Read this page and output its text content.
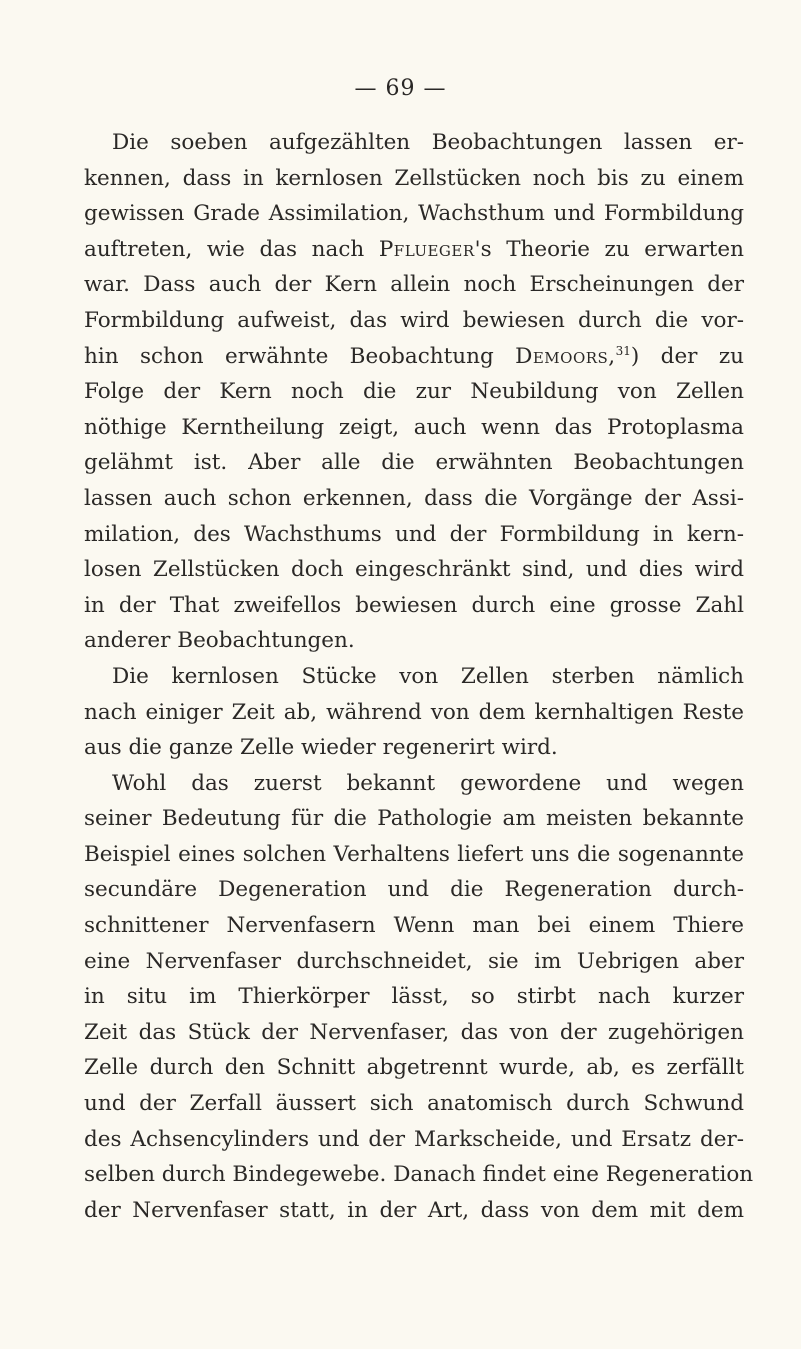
— 69 —
Die soeben aufgezählten Beobachtungen lassen er-
kennen, dass in kernlosen Zellstücken noch bis zu einem
gewissen Grade Assimilation, Wachsthum und Formbildung
auftreten, wie das nach Pflueger's Theorie zu erwarten
war. Dass auch der Kern allein noch Erscheinungen der
Formbildung aufweist, das wird bewiesen durch die vor-
hin schon erwähnte Beobachtung Demoors,$^{31}$) der zu
Folge der Kern noch die zur Neubildung von Zellen
nöthige Kerntheilung zeigt, auch wenn das Protoplasma
gelähmt ist. Aber alle die erwähnten Beobachtungen
lassen auch schon erkennen, dass die Vorgänge der Assi-
milation, des Wachsthums und der Formbildung in kern-
losen Zellstücken doch eingeschränkt sind, und dies wird
in der That zweifellos bewiesen durch eine grosse Zahl
anderer Beobachtungen.
Die kernlosen Stücke von Zellen sterben nämlich
nach einiger Zeit ab, während von dem kernhaltigen Reste
aus die ganze Zelle wieder regenerirt wird.
Wohl das zuerst bekannt gewordene und wegen
seiner Bedeutung für die Pathologie am meisten bekannte
Beispiel eines solchen Verhaltens liefert uns die sogenannte
secundäre Degeneration und die Regeneration durch-
schnittener Nervenfasern Wenn man bei einem Thiere
eine Nervenfaser durchschneidet, sie im Uebrigen aber
in situ im Thierkörper lässt, so stirbt nach kurzer
Zeit das Stück der Nervenfaser, das von der zugehörigen
Zelle durch den Schnitt abgetrennt wurde, ab, es zerfällt
und der Zerfall äussert sich anatomisch durch Schwund
des Achsencylinders und der Markscheide, und Ersatz der-
selben durch Bindegewebe. Danach findet eine Regeneration
der Nervenfaser statt, in der Art, dass von dem mit dem
